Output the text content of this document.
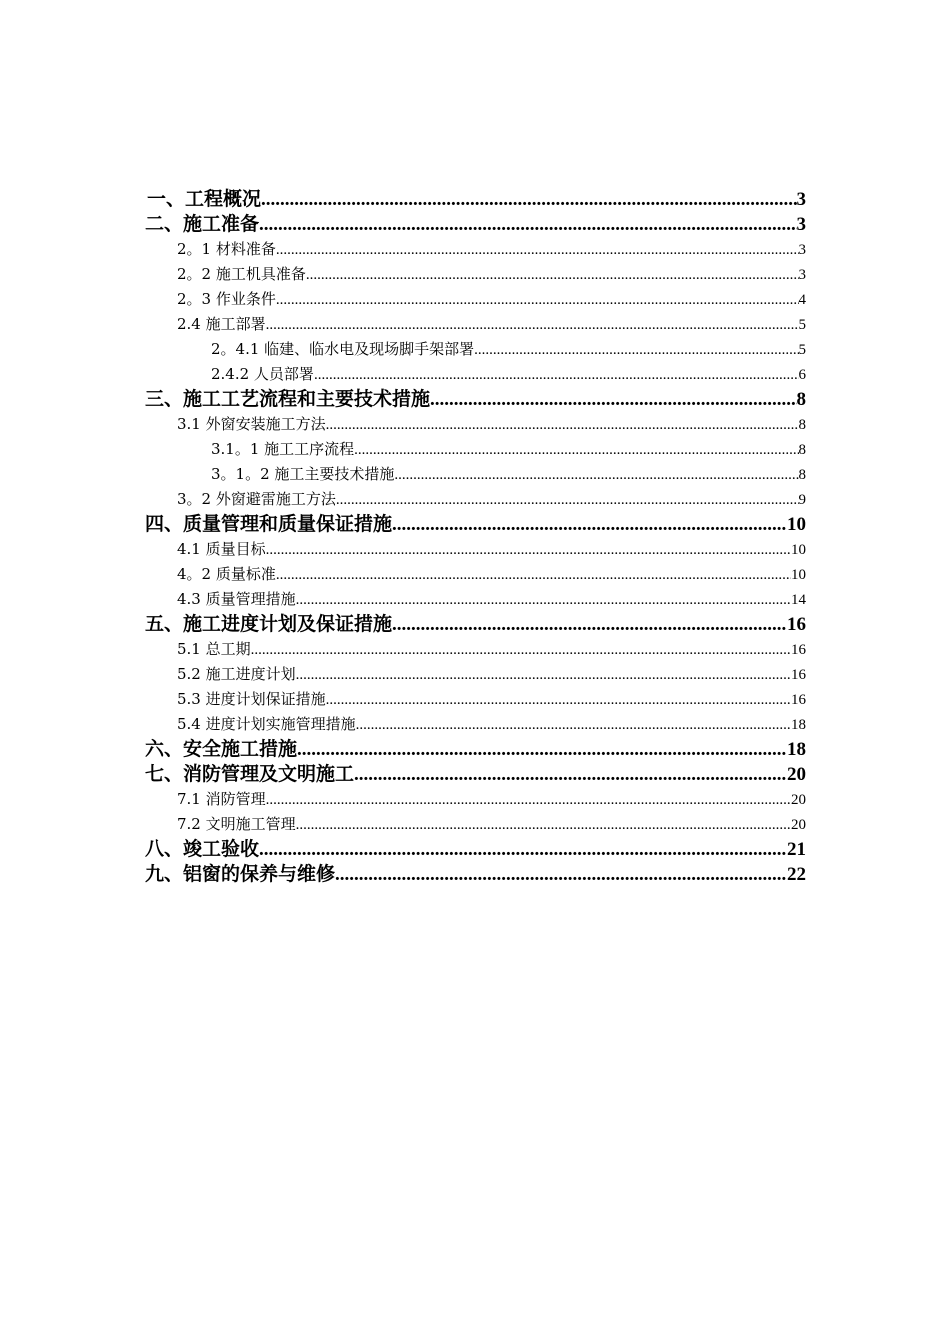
一、工程概况 .....	3
二、施工准备 .....	3
2。1 材料准备 .....	3
2。2 施工机具准备 .....	3
2。3 作业条件 .....	4
2.4 施工部署 .....	5
2。4.1 临建、临水电及现场脚手架部署 .....	5
2.4.2 人员部署 .....	6
三、施工工艺流程和主要技术措施 .....	8
3.1 外窗安装施工方法 .....	8
3.1。1 施工工序流程 .....	8
3。1。2 施工主要技术措施 .....	8
3。2 外窗避雷施工方法 .....	9
四、质量管理和质量保证措施 .....	10
4.1 质量目标 .....	10
4。2 质量标准 .....	10
4.3 质量管理措施 .....	14
五、施工进度计划及保证措施 .....	16
5.1 总工期 .....	16
5.2 施工进度计划 .....	16
5.3 进度计划保证措施 .....	16
5.4 进度计划实施管理措施 .....	18
六、安全施工措施 .....	18
七、消防管理及文明施工 .....	20
7.1 消防管理 .....	20
7.2 文明施工管理 .....	20
八、竣工验收 .....	21
九、铝窗的保养与维修 .....	22
